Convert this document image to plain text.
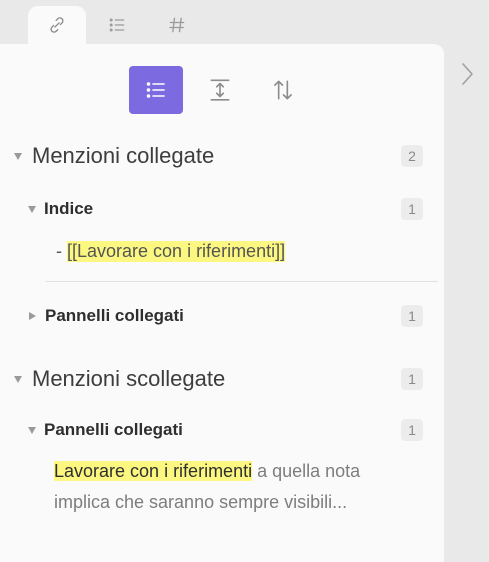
Menzioni collegate	2
Indice	1
- [[Lavorare con i riferimenti]]
Pannelli collegati	1
Menzioni scollegate	1
Pannelli collegati	1
Lavorare con i riferimenti a quella nota implica che saranno sempre visibili...
